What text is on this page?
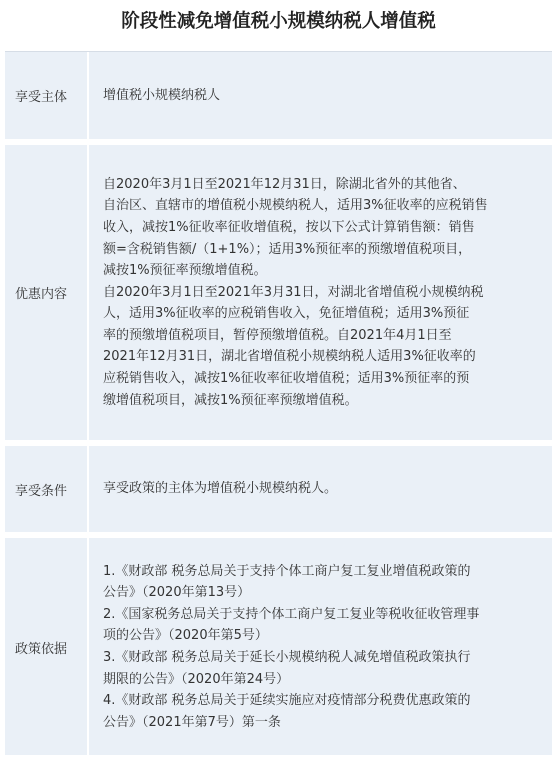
阶段性减免增值税小规模纳税人增值税
享受主体	增值税小规模纳税人
优惠内容
自2020年3月1日至2021年12月31日，除湖北省外的其他省、
自治区、直辖市的增值税小规模纳税人，适用3%征收率的应税销售
收入，减按1%征收率征收增值税，按以下公式计算销售额：销售
额=含税销售额/（1+1%）；适用3%预征率的预缴增值税项目，
减按1%预征率预缴增值税。
自2020年3月1日至2021年3月31日，对湖北省增值税小规模纳税
人，适用3%征收率的应税销售收入，免征增值税；适用3%预征
率的预缴增值税项目，暂停预缴增值税。自2021年4月1日至
2021年12月31日，湖北省增值税小规模纳税人适用3%征收率的
应税销售收入，减按1%征收率征收增值税；适用3%预征率的预
缴增值税项目，减按1%预征率预缴增值税。
享受条件	享受政策的主体为增值税小规模纳税人。
政策依据
1.《财政部 税务总局关于支持个体工商户复工复业增值税政策的
公告》（2020年第13号）
2.《国家税务总局关于支持个体工商户复工复业等税收征收管理事
项的公告》（2020年第5号）
3.《财政部 税务总局关于延长小规模纳税人减免增值税政策执行
期限的公告》（2020年第24号）
4.《财政部 税务总局关于延续实施应对疫情部分税费优惠政策的
公告》（2021年第7号）第一条
